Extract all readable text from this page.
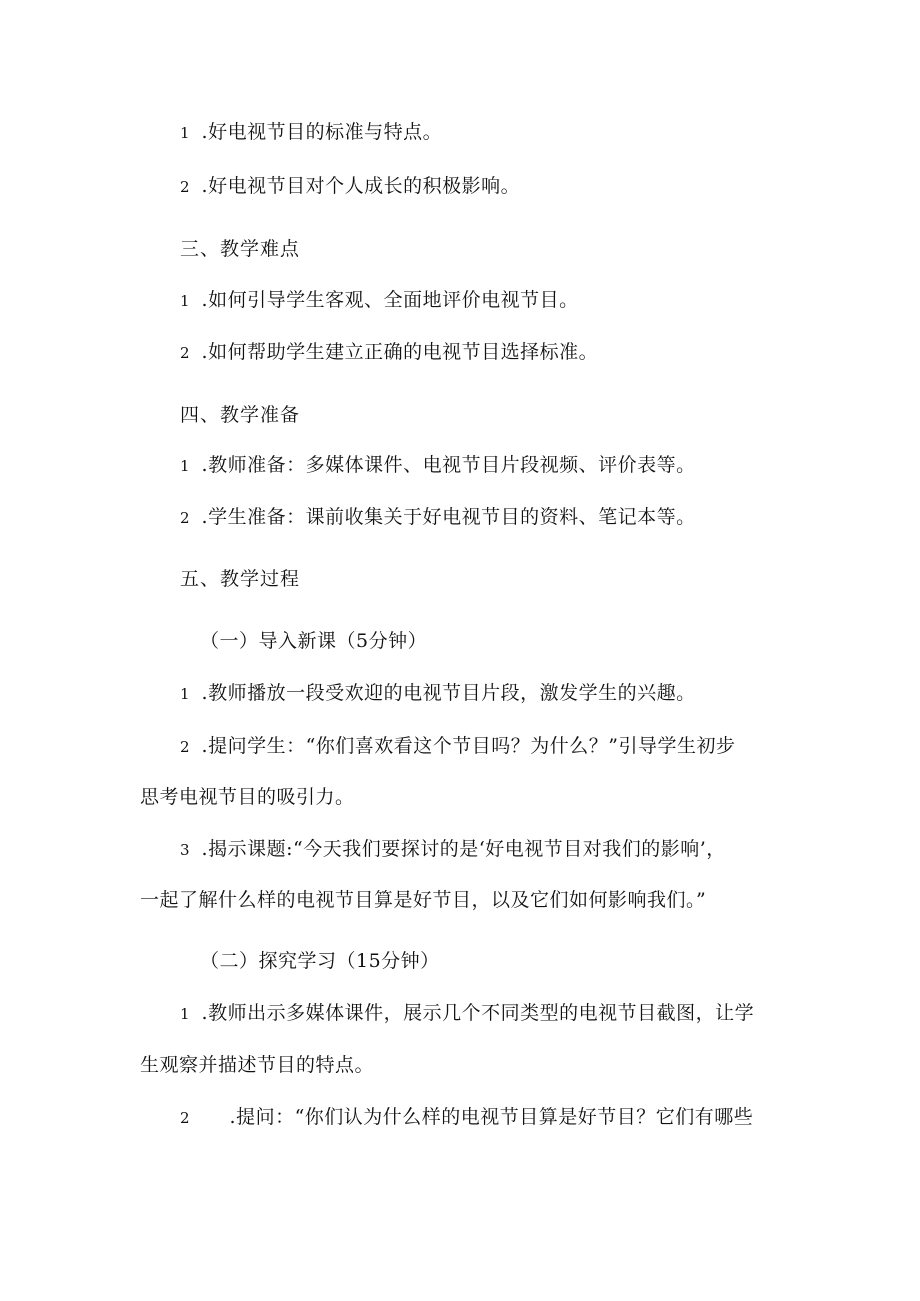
1 .好电视节目的标准与特点。
2 .好电视节目对个人成长的积极影响。
三、教学难点
1 .如何引导学生客观、全面地评价电视节目。
2 .如何帮助学生建立正确的电视节目选择标准。
四、教学准备
1 .教师准备：多媒体课件、电视节目片段视频、评价表等。
2 .学生准备：课前收集关于好电视节目的资料、笔记本等。
五、教学过程
（一）导入新课（5分钟）
1 .教师播放一段受欢迎的电视节目片段，激发学生的兴趣。
2 .提问学生：“你们喜欢看这个节目吗？为什么？”引导学生初步
思考电视节目的吸引力。
3 .揭示课题:“今天我们要探讨的是‘好电视节目对我们的影响’，
一起了解什么样的电视节目算是好节目，以及它们如何影响我们。”
（二）探究学习（15分钟）
1 .教师出示多媒体课件，展示几个不同类型的电视节目截图，让学
生观察并描述节目的特点。
2 .提问：“你们认为什么样的电视节目算是好节目？它们有哪些
